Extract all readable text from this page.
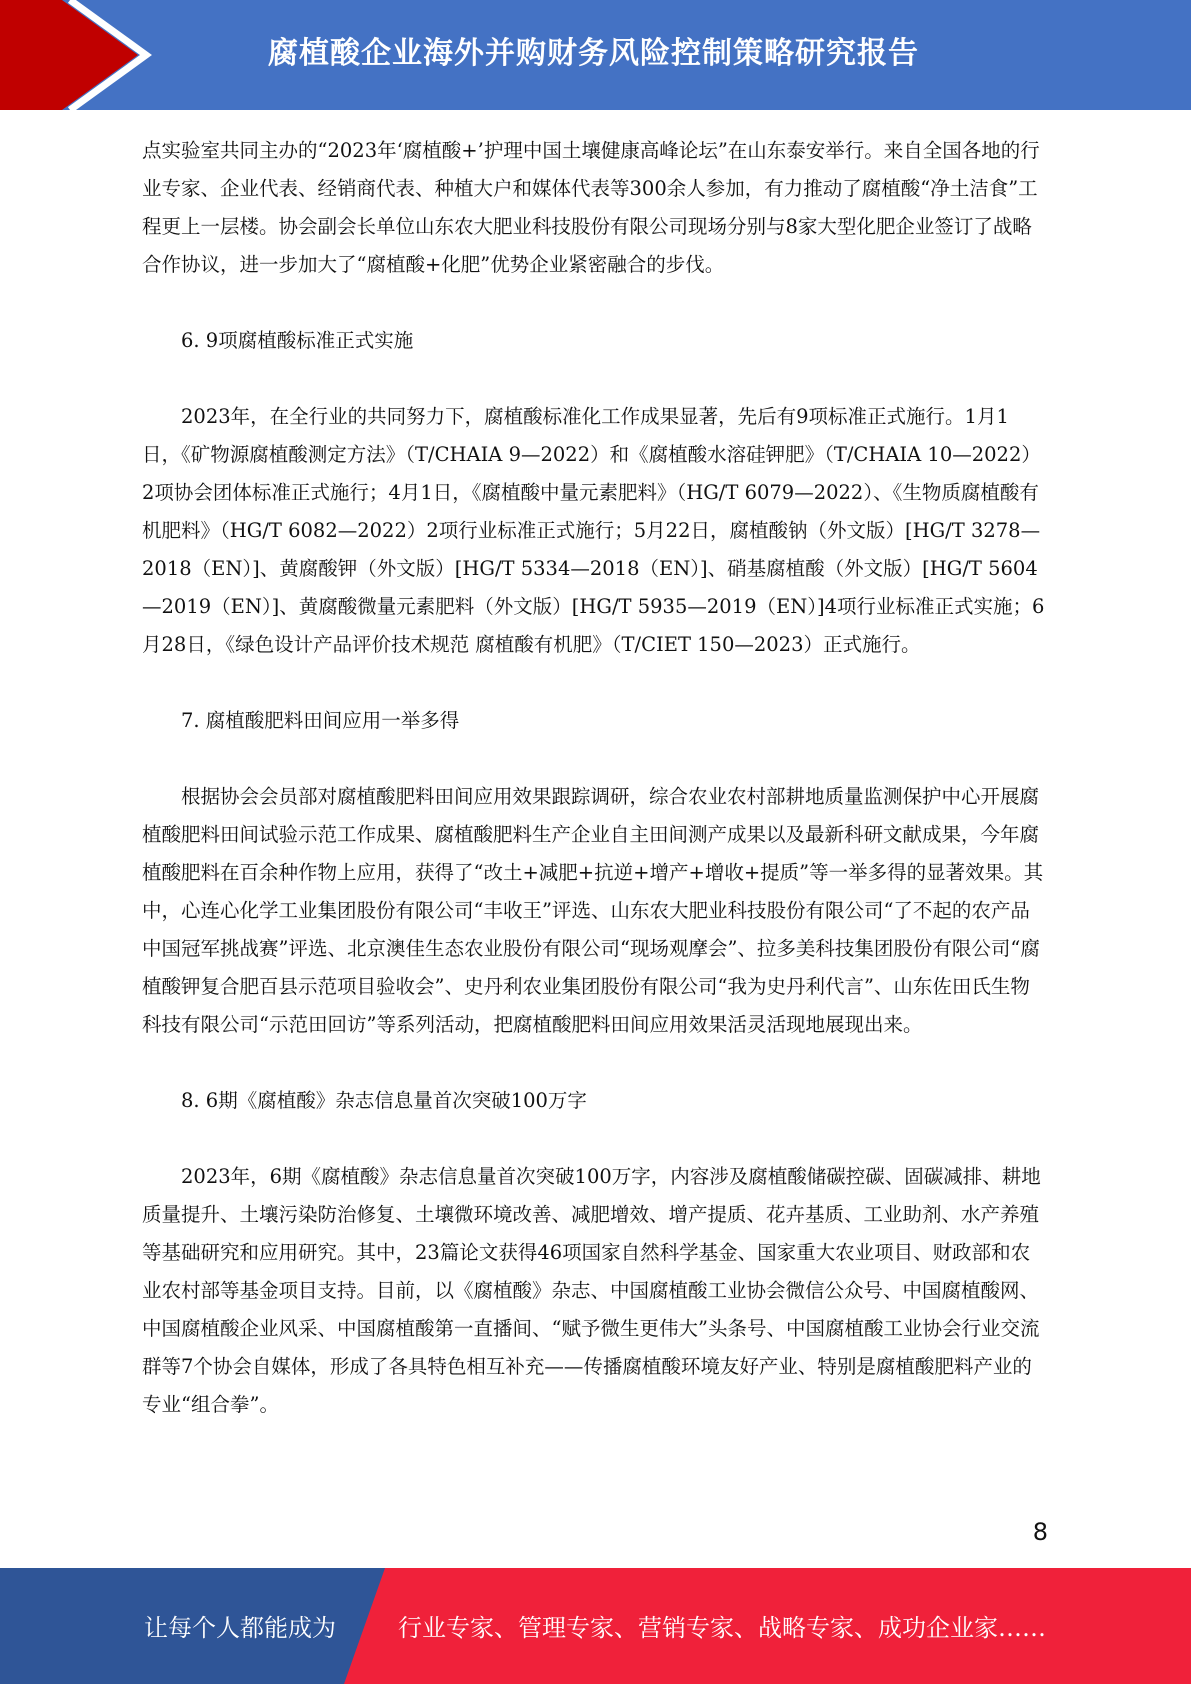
腐植酸企业海外并购财务风险控制策略研究报告

点实验室共同主办的“2023年‘腐植酸+’护理中国土壤健康高峰论坛”在山东泰安举行。来自全国各地的行业专家、企业代表、经销商代表、种植大户和媒体代表等300余人参加，有力推动了腐植酸“净土洁食”工程更上一层楼。协会副会长单位山东农大肥业科技股份有限公司现场分别与8家大型化肥企业签订了战略合作协议，进一步加大了“腐植酸+化肥”优势企业紧密融合的步伐。

6. 9项腐植酸标准正式实施

2023年，在全行业的共同努力下，腐植酸标准化工作成果显著，先后有9项标准正式施行。1月1日，《矿物源腐植酸测定方法》（T/CHAIA 9—2022）和《腐植酸水溶硅钾肥》（T/CHAIA 10—2022）2项协会团体标准正式施行；4月1日，《腐植酸中量元素肥料》（HG/T 6079—2022）、《生物质腐植酸有机肥料》（HG/T 6082—2022）2项行业标准正式施行；5月22日，腐植酸钠（外文版）[HG/T 3278—2018（EN）]、黄腐酸钾（外文版）[HG/T 5334—2018（EN）]、硝基腐植酸（外文版）[HG/T 5604—2019（EN）]、黄腐酸微量元素肥料（外文版）[HG/T 5935—2019（EN）]4项行业标准正式实施；6月28日，《绿色设计产品评价技术规范 腐植酸有机肥》（T/CIET 150—2023）正式施行。

7. 腐植酸肥料田间应用一举多得

根据协会会员部对腐植酸肥料田间应用效果跟踪调研，综合农业农村部耕地质量监测保护中心开展腐植酸肥料田间试验示范工作成果、腐植酸肥料生产企业自主田间测产成果以及最新科研文献成果，今年腐植酸肥料在百余种作物上应用，获得了“改土+减肥+抗逆+增产+增收+提质”等一举多得的显著效果。其中，心连心化学工业集团股份有限公司“丰收王”评选、山东农大肥业科技股份有限公司“了不起的农产品中国冠军挑战赛”评选、北京澳佳生态农业股份有限公司“现场观摩会”、拉多美科技集团股份有限公司“腐植酸钾复合肥百县示范项目验收会”、史丹利农业集团股份有限公司“我为史丹利代言”、山东佐田氏生物科技有限公司“示范田回访”等系列活动，把腐植酸肥料田间应用效果活灵活现地展现出来。

8. 6期《腐植酸》杂志信息量首次突破100万字

2023年，6期《腐植酸》杂志信息量首次突破100万字，内容涉及腐植酸储碳控碳、固碳减排、耕地质量提升、土壤污染防治修复、土壤微环境改善、减肥增效、增产提质、花卉基质、工业助剂、水产养殖等基础研究和应用研究。其中，23篇论文获得46项国家自然科学基金、国家重大农业项目、财政部和农业农村部等基金项目支持。目前，以《腐植酸》杂志、中国腐植酸工业协会微信公众号、中国腐植酸网、中国腐植酸企业风采、中国腐植酸第一直播间、“赋予微生更伟大”头条号、中国腐植酸工业协会行业交流群等7个协会自媒体，形成了各具特色相互补充——传播腐植酸环境友好产业、特别是腐植酸肥料产业的专业“组合拳”。

8
让每个人都能成为	行业专家、管理专家、营销专家、战略专家、成功企业家……
